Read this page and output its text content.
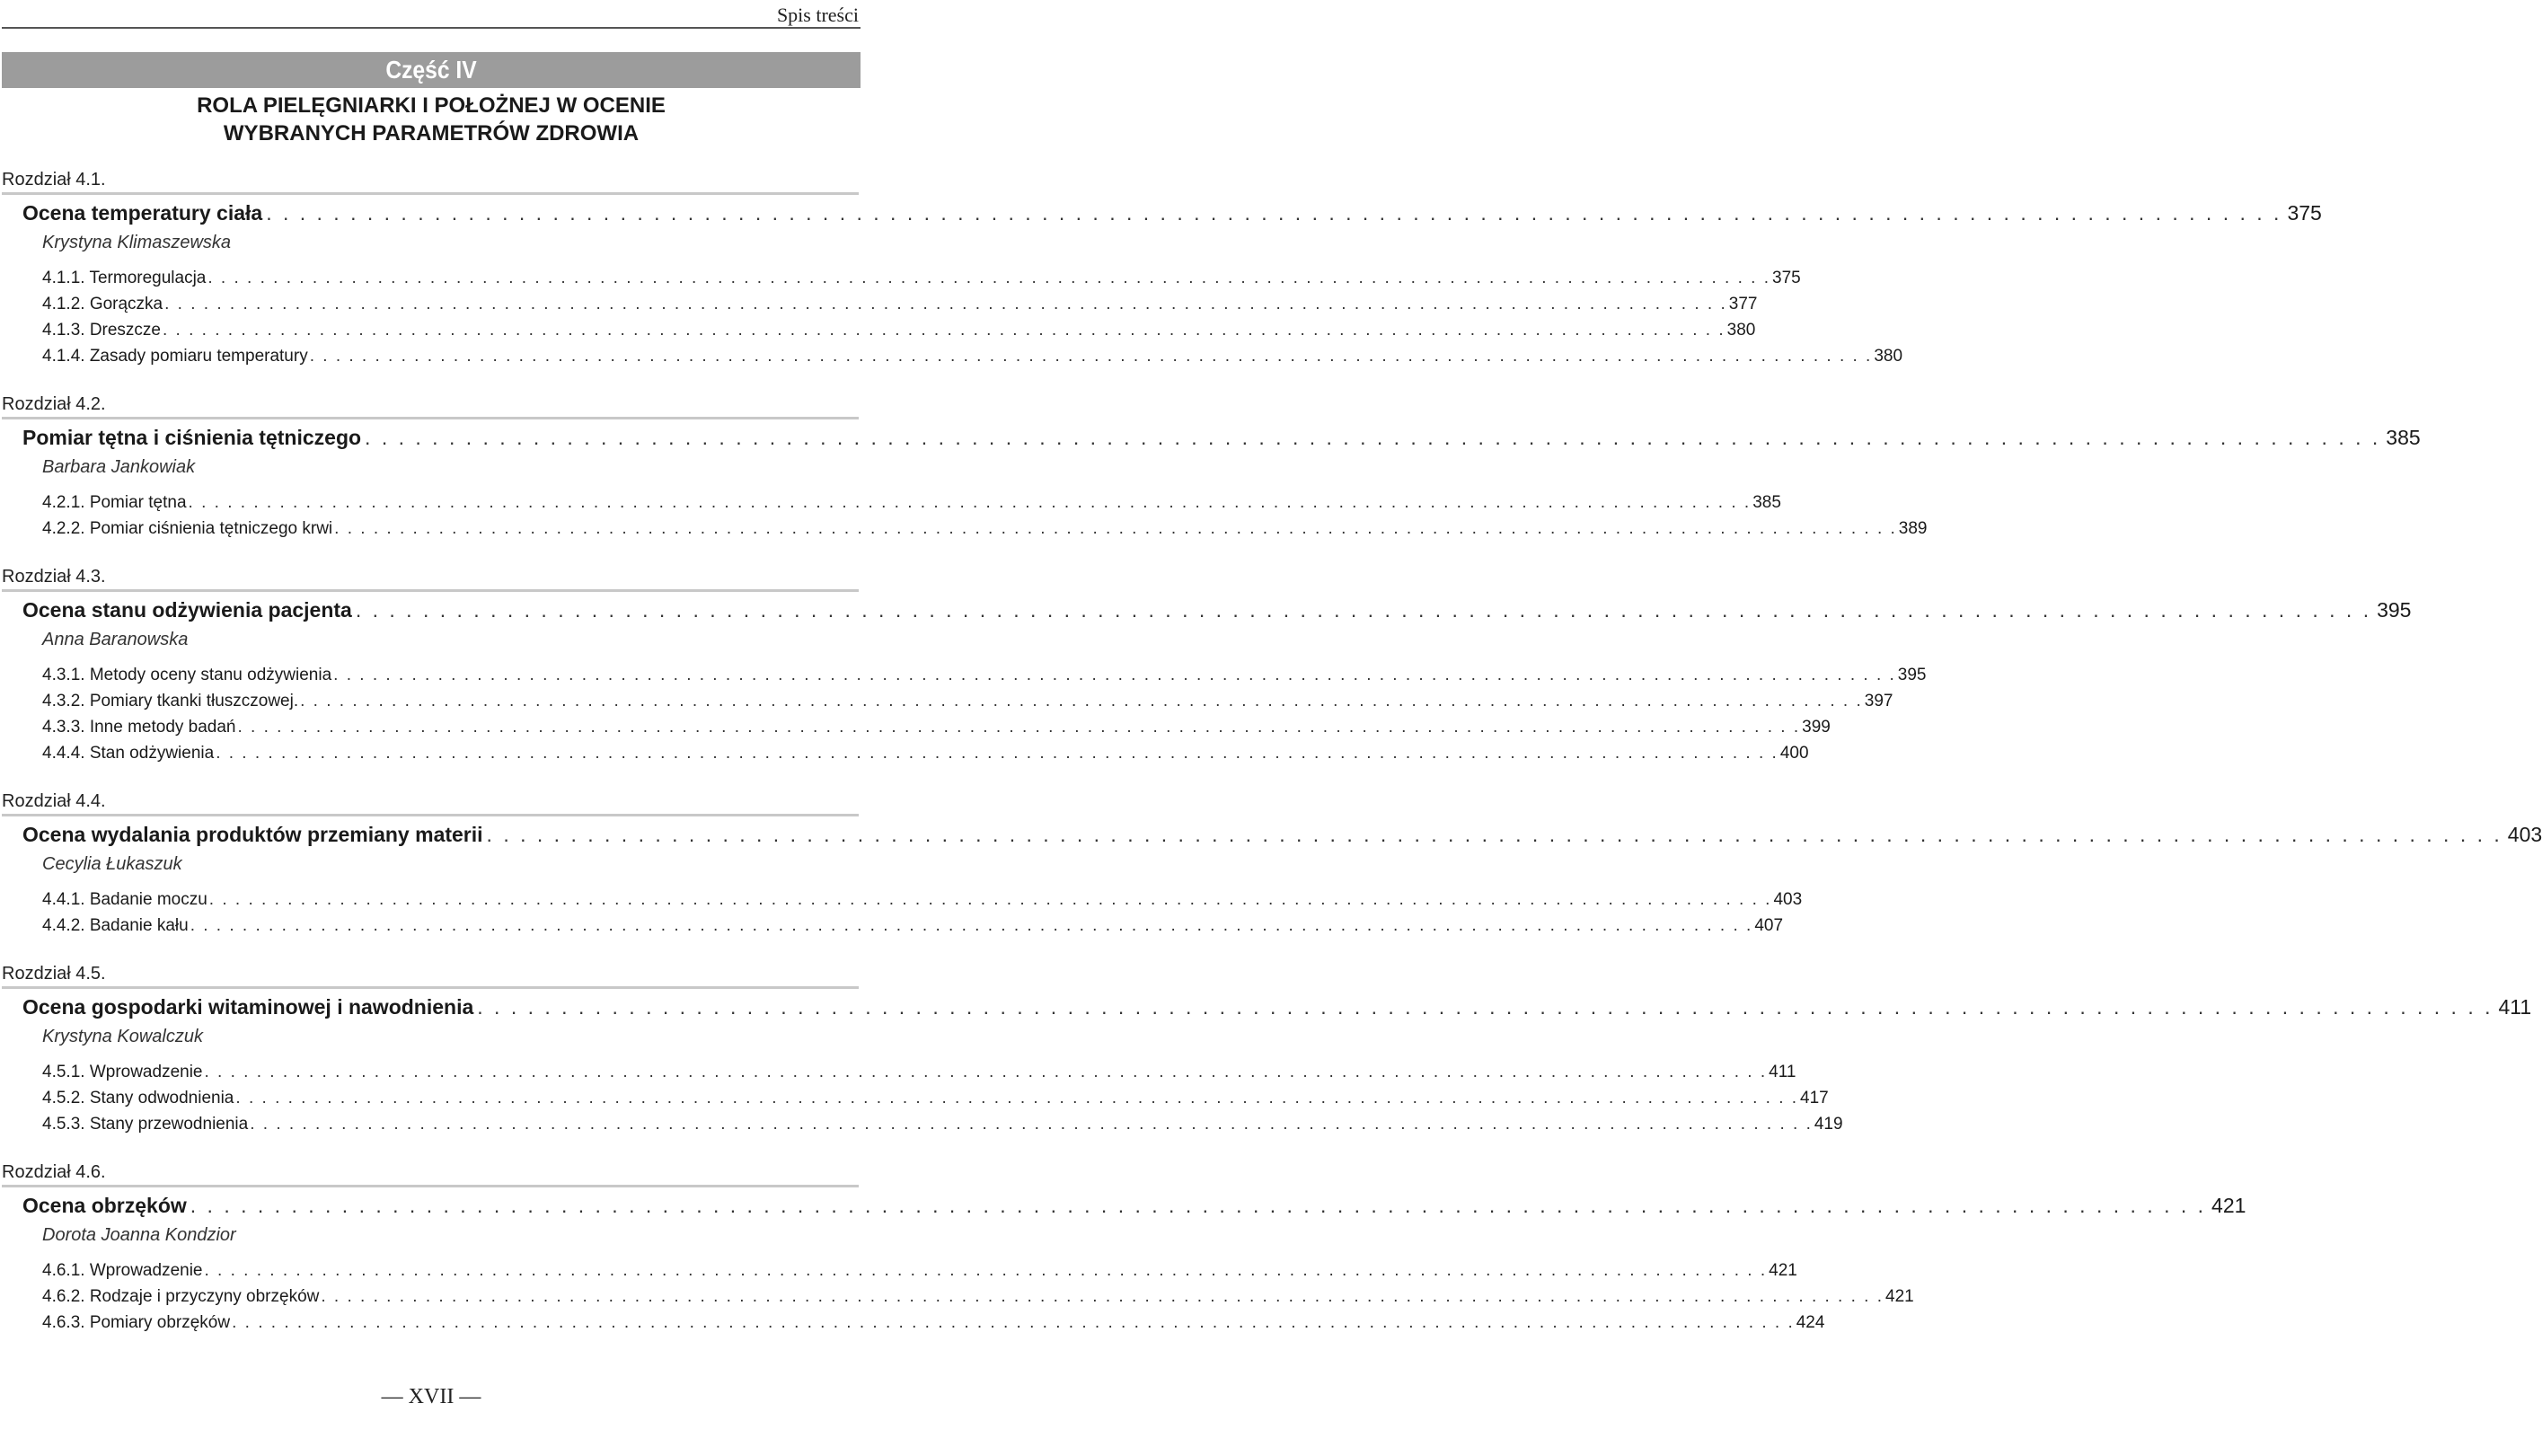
Spis treści
Część IV
ROLA PIELĘGNIARKI I POŁOŻNEJ W OCENIE
WYBRANYCH PARAMETRÓW ZDROWIA
Rozdział 4.1.
Ocena temperatury ciała . . . . . . . . . . . . . . . . . . . . . . . . . . . . . . . . . . . . . . . . . . . . . . . . . . . . . . . . . . . . . . . . . . . . . . . . . . . . . . . . . . . . . . . . . . . . . . . . . . . . . . . . . . . . . . . . . . . . . . . . 375
Krystyna Klimaszewska
4.1.1. Termoregulacja . . . . . . . . . . . . . . . . . . . . . . . . . . . . . . . . . . . . . . . . . . . . . . . . . . . . . . . . . . . . . . . . . . . . . . . . . . . . . . . . . . . . . . . . . . . . . . . . . . . . . . . . . . . . . . . . . . . . . . . . 375
4.1.2. Gorączka . . . . . . . . . . . . . . . . . . . . . . . . . . . . . . . . . . . . . . . . . . . . . . . . . . . . . . . . . . . . . . . . . . . . . . . . . . . . . . . . . . . . . . . . . . . . . . . . . . . . . . . . . . . . . . . . . . . . . . . . 377
4.1.3. Dreszcze . . . . . . . . . . . . . . . . . . . . . . . . . . . . . . . . . . . . . . . . . . . . . . . . . . . . . . . . . . . . . . . . . . . . . . . . . . . . . . . . . . . . . . . . . . . . . . . . . . . . . . . . . . . . . . . . . . . . . . . . 380
4.1.4. Zasady pomiaru temperatury . . . . . . . . . . . . . . . . . . . . . . . . . . . . . . . . . . . . . . . . . . . . . . . . . . . . . . . . . . . . . . . . . . . . . . . . . . . . . . . . . . . . . . . . . . . . . . . . . . . . . . . . . . . . . . . . . . . . . . . . 380
Rozdział 4.2.
Pomiar tętna i ciśnienia tętniczego . . . . . . . . . . . . . . . . . . . . . . . . . . . . . . . . . . . . . . . . . . . . . . . . . . . . . . . . . . . . . . . . . . . . . . . . . . . . . . . . . . . . . . . . . . . . . . . . . . . . . . . . . . . . . . . . . . . . . . . . 385
Barbara Jankowiak
4.2.1. Pomiar tętna . . . . . . . . . . . . . . . . . . . . . . . . . . . . . . . . . . . . . . . . . . . . . . . . . . . . . . . . . . . . . . . . . . . . . . . . . . . . . . . . . . . . . . . . . . . . . . . . . . . . . . . . . . . . . . . . . . . . . . . . 385
4.2.2. Pomiar ciśnienia tętniczego krwi . . . . . . . . . . . . . . . . . . . . . . . . . . . . . . . . . . . . . . . . . . . . . . . . . . . . . . . . . . . . . . . . . . . . . . . . . . . . . . . . . . . . . . . . . . . . . . . . . . . . . . . . . . . . . . . . . . . . . . . . 389
Rozdział 4.3.
Ocena stanu odżywienia pacjenta . . . . . . . . . . . . . . . . . . . . . . . . . . . . . . . . . . . . . . . . . . . . . . . . . . . . . . . . . . . . . . . . . . . . . . . . . . . . . . . . . . . . . . . . . . . . . . . . . . . . . . . . . . . . . . . . . . . . . . . . 395
Anna Baranowska
4.3.1. Metody oceny stanu odżywienia . . . . . . . . . . . . . . . . . . . . . . . . . . . . . . . . . . . . . . . . . . . . . . . . . . . . . . . . . . . . . . . . . . . . . . . . . . . . . . . . . . . . . . . . . . . . . . . . . . . . . . . . . . . . . . . . . . . . . . . . 395
4.3.2. Pomiary tkanki tłuszczowej. . . . . . . . . . . . . . . . . . . . . . . . . . . . . . . . . . . . . . . . . . . . . . . . . . . . . . . . . . . . . . . . . . . . . . . . . . . . . . . . . . . . . . . . . . . . . . . . . . . . . . . . . . . . . . . . . . . . . . . . . 397
4.3.3. Inne metody badań . . . . . . . . . . . . . . . . . . . . . . . . . . . . . . . . . . . . . . . . . . . . . . . . . . . . . . . . . . . . . . . . . . . . . . . . . . . . . . . . . . . . . . . . . . . . . . . . . . . . . . . . . . . . . . . . . . . . . . . . 399
4.4.4. Stan odżywienia . . . . . . . . . . . . . . . . . . . . . . . . . . . . . . . . . . . . . . . . . . . . . . . . . . . . . . . . . . . . . . . . . . . . . . . . . . . . . . . . . . . . . . . . . . . . . . . . . . . . . . . . . . . . . . . . . . . . . . . . 400
Rozdział 4.4.
Ocena wydalania produktów przemiany materii . . . . . . . . . . . . . . . . . . . . . . . . . . . . . . . . . . . . . . . . . . . . . . . . . . . . . . . . . . . . . . . . . . . . . . . . . . . . . . . . . . . . . . . . . . . . . . . . . . . . . . . . . . . . . . . . . . . . . . . . 403
Cecylia Łukaszuk
4.4.1. Badanie moczu . . . . . . . . . . . . . . . . . . . . . . . . . . . . . . . . . . . . . . . . . . . . . . . . . . . . . . . . . . . . . . . . . . . . . . . . . . . . . . . . . . . . . . . . . . . . . . . . . . . . . . . . . . . . . . . . . . . . . . . . 403
4.4.2. Badanie kału . . . . . . . . . . . . . . . . . . . . . . . . . . . . . . . . . . . . . . . . . . . . . . . . . . . . . . . . . . . . . . . . . . . . . . . . . . . . . . . . . . . . . . . . . . . . . . . . . . . . . . . . . . . . . . . . . . . . . . . . 407
Rozdział 4.5.
Ocena gospodarki witaminowej i nawodnienia . . . . . . . . . . . . . . . . . . . . . . . . . . . . . . . . . . . . . . . . . . . . . . . . . . . . . . . . . . . . . . . . . . . . . . . . . . . . . . . . . . . . . . . . . . . . . . . . . . . . . . . . . . . . . . . . . . . . . . . . 411
Krystyna Kowalczuk
4.5.1. Wprowadzenie . . . . . . . . . . . . . . . . . . . . . . . . . . . . . . . . . . . . . . . . . . . . . . . . . . . . . . . . . . . . . . . . . . . . . . . . . . . . . . . . . . . . . . . . . . . . . . . . . . . . . . . . . . . . . . . . . . . . . . . . 411
4.5.2. Stany odwodnienia . . . . . . . . . . . . . . . . . . . . . . . . . . . . . . . . . . . . . . . . . . . . . . . . . . . . . . . . . . . . . . . . . . . . . . . . . . . . . . . . . . . . . . . . . . . . . . . . . . . . . . . . . . . . . . . . . . . . . . . . 417
4.5.3. Stany przewodnienia . . . . . . . . . . . . . . . . . . . . . . . . . . . . . . . . . . . . . . . . . . . . . . . . . . . . . . . . . . . . . . . . . . . . . . . . . . . . . . . . . . . . . . . . . . . . . . . . . . . . . . . . . . . . . . . . . . . . . . . . 419
Rozdział 4.6.
Ocena obrzęków . . . . . . . . . . . . . . . . . . . . . . . . . . . . . . . . . . . . . . . . . . . . . . . . . . . . . . . . . . . . . . . . . . . . . . . . . . . . . . . . . . . . . . . . . . . . . . . . . . . . . . . . . . . . . . . . . . . . . . . . 421
Dorota Joanna Kondzior
4.6.1. Wprowadzenie . . . . . . . . . . . . . . . . . . . . . . . . . . . . . . . . . . . . . . . . . . . . . . . . . . . . . . . . . . . . . . . . . . . . . . . . . . . . . . . . . . . . . . . . . . . . . . . . . . . . . . . . . . . . . . . . . . . . . . . . 421
4.6.2. Rodzaje i przyczyny obrzęków . . . . . . . . . . . . . . . . . . . . . . . . . . . . . . . . . . . . . . . . . . . . . . . . . . . . . . . . . . . . . . . . . . . . . . . . . . . . . . . . . . . . . . . . . . . . . . . . . . . . . . . . . . . . . . . . . . . . . . . . 421
4.6.3. Pomiary obrzęków . . . . . . . . . . . . . . . . . . . . . . . . . . . . . . . . . . . . . . . . . . . . . . . . . . . . . . . . . . . . . . . . . . . . . . . . . . . . . . . . . . . . . . . . . . . . . . . . . . . . . . . . . . . . . . . . . . . . . . . . 424
— XVII —
